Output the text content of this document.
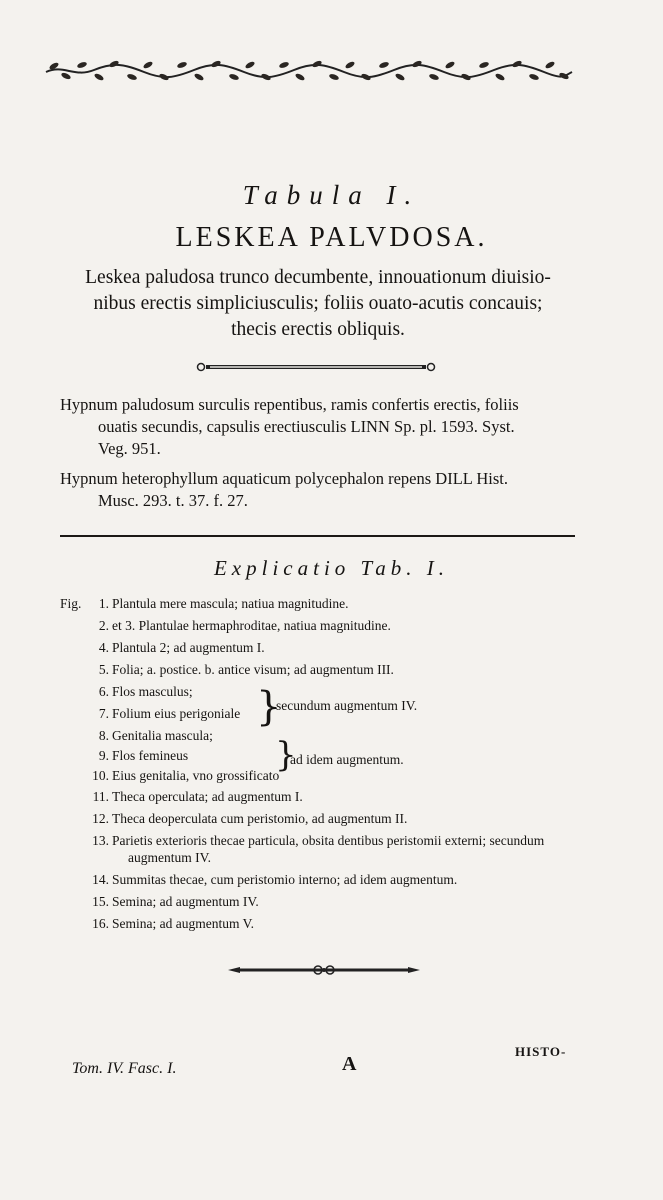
Tabula I.
LESKEA PALVDOSA.
Leskea paludosa trunco decumbente, innouationum diuisio-
nibus erectis simpliciusculis; foliis ouato-acutis concauis;
thecis erectis obliquis.
Hypnum paludosum surculis repentibus, ramis confertis erectis, foliis
ouatis secundis, capsulis erectiusculis LINN Sp. pl. 1593. Syst.
Veg. 951.
Hypnum heterophyllum aquaticum polycephalon repens DILL Hist.
Musc. 293. t. 37. f. 27.
Explicatio Tab. I.
Fig.	1. Plantula mere mascula; natiua magnitudine.
2. et 3. Plantulae hermaphroditae, natiua magnitudine.
4. Plantula 2; ad augmentum I.
5. Folia; a. postice. b. antice visum; ad augmentum III.
6. Flos masculus;
7. Folium eius perigoniale
8. Genitalia mascula;
}
secundum augmentum IV.
9. Flos femineus
10. Eius genitalia, vno grossificato
}
ad idem augmentum.
11. Theca operculata; ad augmentum I.
12. Theca deoperculata cum peristomio, ad augmentum II.
13. Parietis exterioris thecae particula, obsita dentibus peristomii externi; secundum
augmentum IV.
14. Summitas thecae, cum peristomio interno; ad idem augmentum.
15. Semina; ad augmentum IV.
16. Semina; ad augmentum V.
Tom. IV. Fasc. I.	A
HISTO-
